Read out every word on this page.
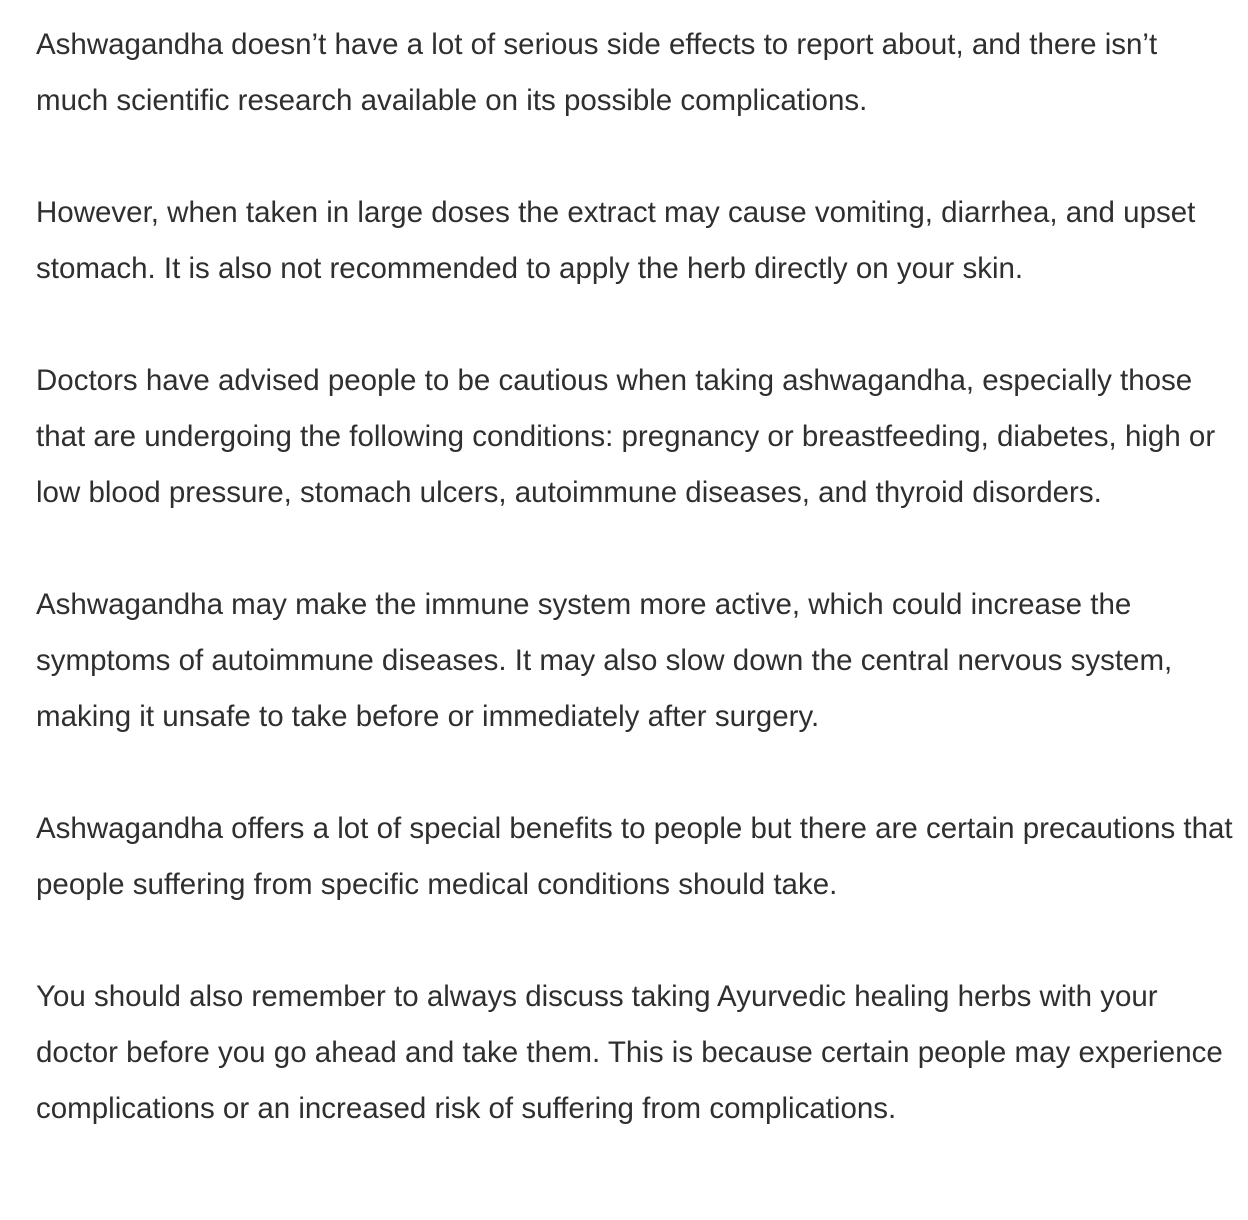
Ashwagandha doesn’t have a lot of serious side effects to report about, and there isn’t much scientific research available on its possible complications.

However, when taken in large doses the extract may cause vomiting, diarrhea, and upset stomach. It is also not recommended to apply the herb directly on your skin.

Doctors have advised people to be cautious when taking ashwagandha, especially those that are undergoing the following conditions: pregnancy or breastfeeding, diabetes, high or low blood pressure, stomach ulcers, autoimmune diseases, and thyroid disorders.

Ashwagandha may make the immune system more active, which could increase the symptoms of autoimmune diseases. It may also slow down the central nervous system, making it unsafe to take before or immediately after surgery.

Ashwagandha offers a lot of special benefits to people but there are certain precautions that people suffering from specific medical conditions should take.

You should also remember to always discuss taking Ayurvedic healing herbs with your doctor before you go ahead and take them. This is because certain people may experience complications or an increased risk of suffering from complications.
